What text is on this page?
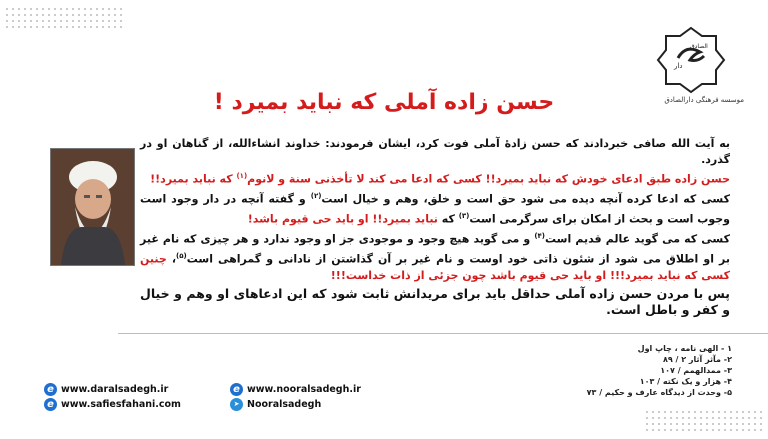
دار
الصادق
موسسه فرهنگی دارالصادق
حسن زاده آملی که نباید بمیرد !

به آیت الله صافی خبردادند که حسن زادهٔ آملی فوت کرد، ایشان فرمودند: خداوند انشاءالله، از گناهان او در گذرد.

حسن زاده طبق ادعای خودش که نباید بمیرد!! کسی که ادعا می کند لا تأخذنی سنة و لانوم$^{(۱)}$ که نباید بمیرد!!

کسی که ادعا کرده آنچه دیده می شود حق است و خلق، وهم و خیال است$^{(۲)}$ و گفته آنچه در دار وجود است وجوب است و بحث از امکان برای سرگرمی است$^{(۳)}$ که نباید بمیرد!! او باید حی قیوم باشد!

کسی که می گوید عالم قدیم است$^{(۴)}$ و می گوید هیچ وجود و موجودی جز او وجود ندارد و هر چیزی که نام غیر بر او اطلاق می شود از شئون ذاتی خود اوست و نام غیر بر آن گذاشتن از نادانی و گمراهی است$^{(۵)}$، چنین کسی که نباید بمیرد!!! او باید حی قیوم باشد چون جزئی از ذات خداست!!!

پس با مردن حسن زاده آملی حداقل باید برای مریدانش ثابت شود که این ادعاهای او وهم و خیال و کفر و باطل است.

۱ - الهی نامه ، چاپ اول
۲- مآثر آثار ۲ / ۸۹
۳- ممدالهمم / ۱۰۷
۴- هزار و یک نکته / ۱۰۳
۵- وحدت از دیدگاه عارف و حکیم / ۷۳
e www.daralsadegh.ir
e www.safiesfahani.com
e www.nooralsadegh.ir
➤ Nooralsadegh
